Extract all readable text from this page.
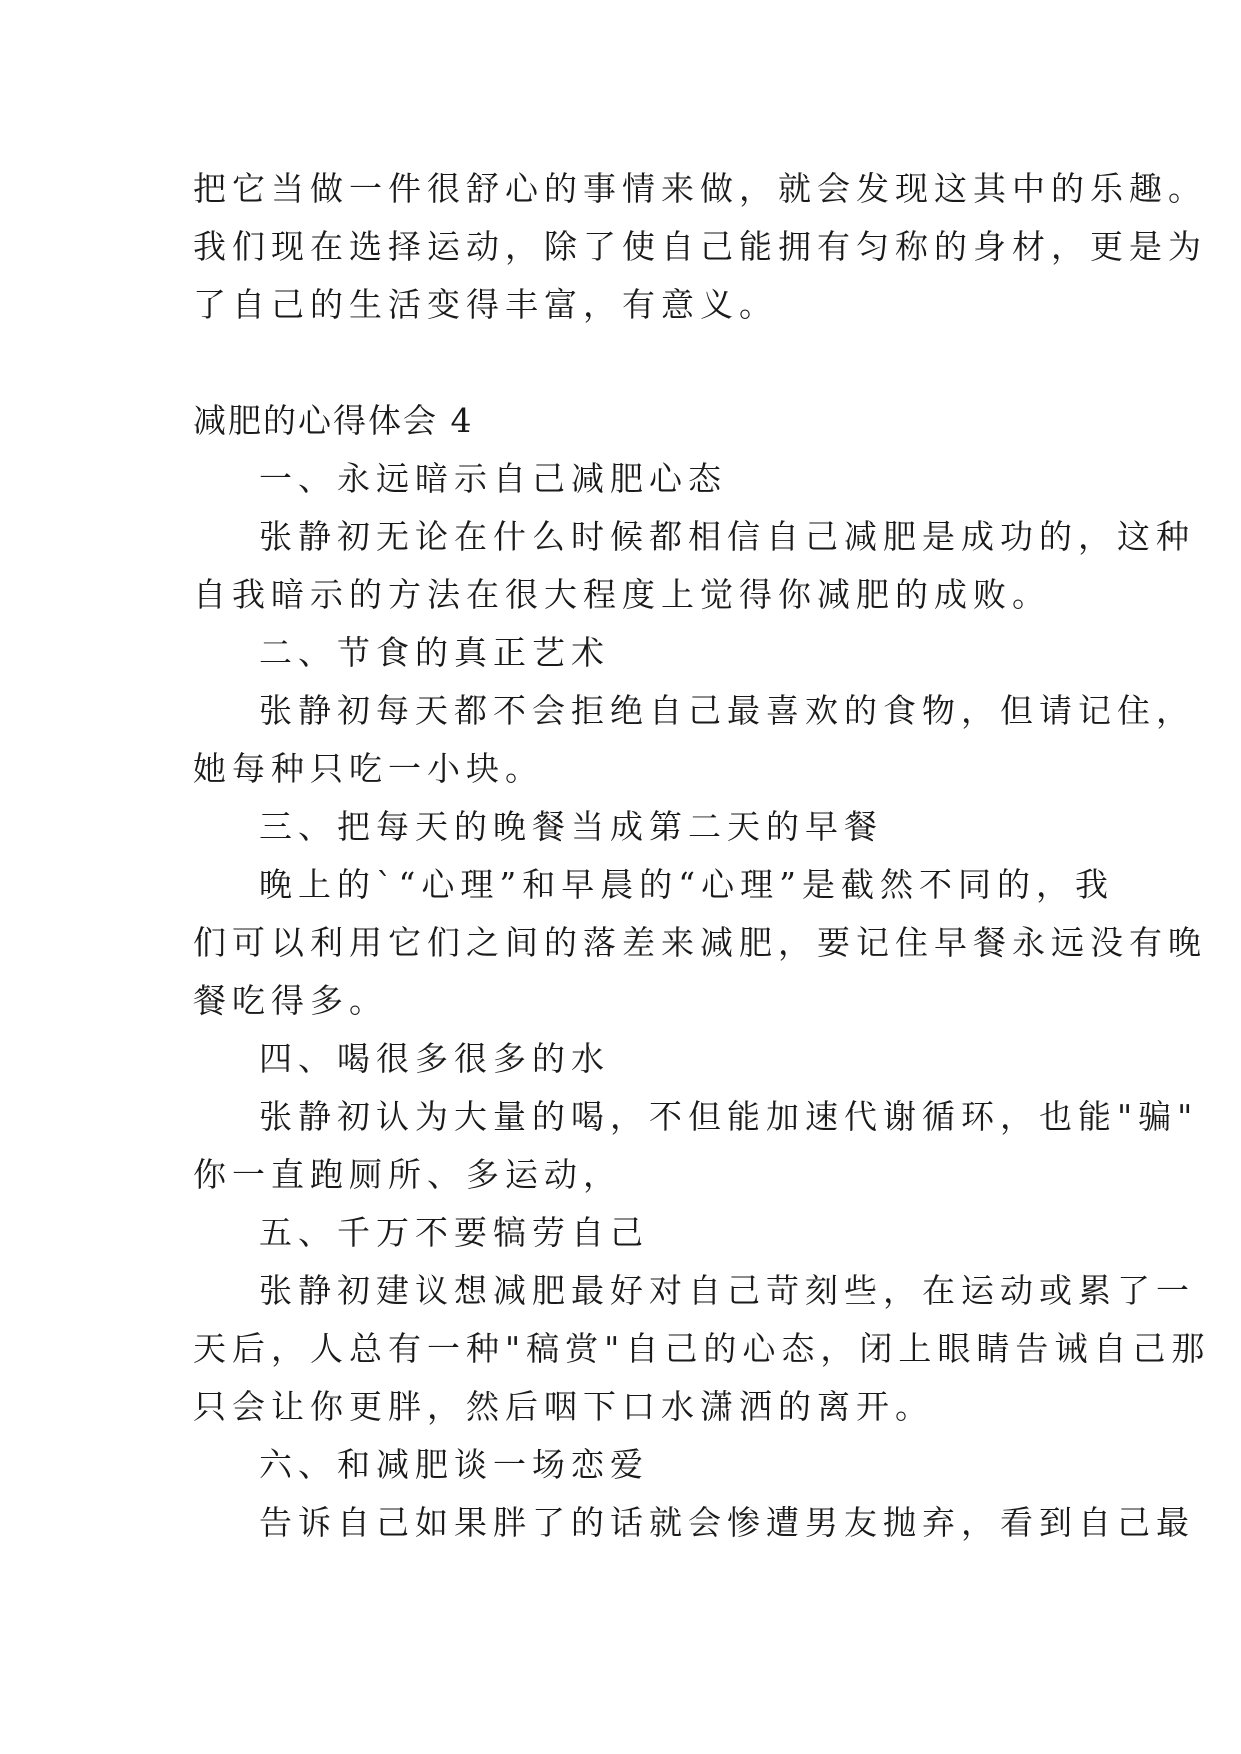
把它当做一件很舒心的事情来做，就会发现这其中的乐趣。

我们现在选择运动，除了使自己能拥有匀称的身材，更是为

了自己的生活变得丰富，有意义。

减肥的心得体会 4

一、永远暗示自己减肥心态

张静初无论在什么时候都相信自己减肥是成功的，这种

自我暗示的方法在很大程度上觉得你减肥的成败。

二、节食的真正艺术

张静初每天都不会拒绝自己最喜欢的食物，但请记住，

她每种只吃一小块。

三、把每天的晚餐当成第二天的早餐

晚上的`“心理”和早晨的“心理”是截然不同的，我

们可以利用它们之间的落差来减肥，要记住早餐永远没有晚

餐吃得多。

四、喝很多很多的水

张静初认为大量的喝，不但能加速代谢循环，也能"骗"

你一直跑厕所、多运动，

五、千万不要犒劳自己

张静初建议想减肥最好对自己苛刻些，在运动或累了一

天后，人总有一种"稿赏"自己的心态，闭上眼睛告诫自己那

只会让你更胖，然后咽下口水潇洒的离开。

六、和减肥谈一场恋爱

告诉自己如果胖了的话就会惨遭男友抛弃，看到自己最
